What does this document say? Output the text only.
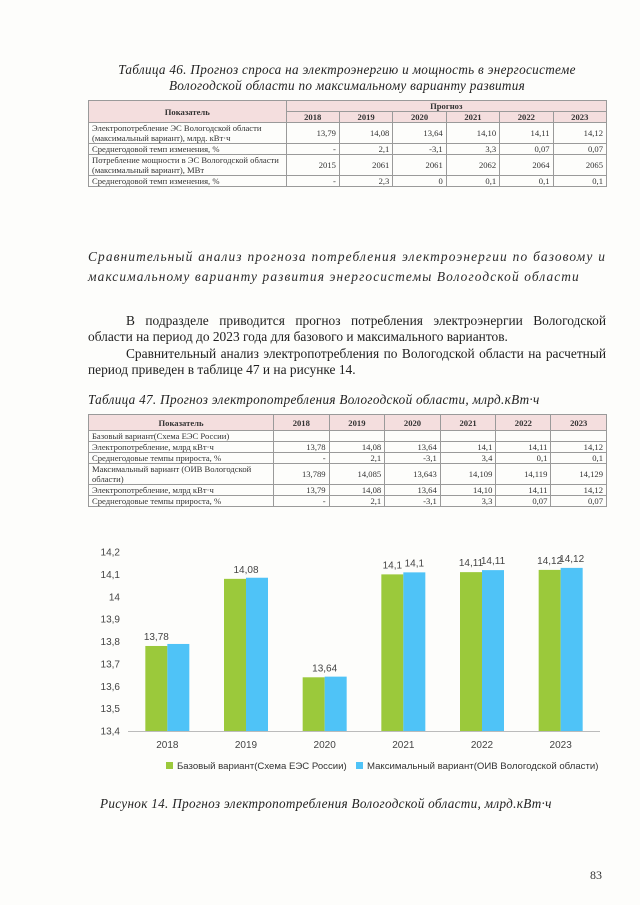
Таблица 46. Прогноз спроса на электроэнергию и мощность в энергосистеме Вологодской области по максимальному варианту развития
Показатель	Прогноз					
	2018	2019	2020	2021	2022	2023
Электропотребление ЭС Вологодской области (максимальный вариант), млрд. кВт·ч	13,79	14,08	13,64	14,10	14,11	14,12
Среднегодовой темп изменения, %	-	2,1	-3,1	3,3	0,07	0,07
Потребление мощности в ЭС Вологодской области (максимальный вариант), МВт	2015	2061	2061	2062	2064	2065
Среднегодовой темп изменения, %	-	2,3	0	0,1	0,1	0,1
Сравнительный анализ прогноза потребления электроэнергии по базовому и максимальному варианту развития энергосистемы Вологодской области
В подразделе приводится прогноз потребления электроэнергии Вологодской области на период до 2023 года для базового и максимального вариантов.
Сравнительный анализ электропотребления по Вологодской области на расчетный период приведен в таблице 47 и на рисунке 14.
Таблица 47. Прогноз электропотребления Вологодской области, млрд.кВт·ч
Показатель	2018	2019	2020	2021	2022	2023
Базовый вариант(Схема ЕЭС России)						
Электропотребление, млрд кВт·ч	13,78	14,08	13,64	14,1	14,11	14,12
Среднегодовые темпы прироста, %	-	2,1	-3,1	3,4	0,1	0,1
Максимальный вариант (ОИВ Вологодской области)	13,789	14,085	13,643	14,109	14,119	14,129
Электропотребление, млрд кВт·ч	13,79	14,08	13,64	14,10	14,11	14,12
Среднегодовые темпы прироста, %	-	2,1	-3,1	3,3	0,07	0,07
13,4
13,5
13,6
13,7
13,8
13,9
14
14,1
14,2
2018	2019	2020	2021	2022	2023
13,78
14,08
13,64
14,1 14,1	14,11
14,11	14,12
14,12
Базовый вариант(Схема ЕЭС России) Максимальный вариант(ОИВ Вологодской области)
Рисунок 14. Прогноз электропотребления Вологодской области, млрд.кВт·ч
83
